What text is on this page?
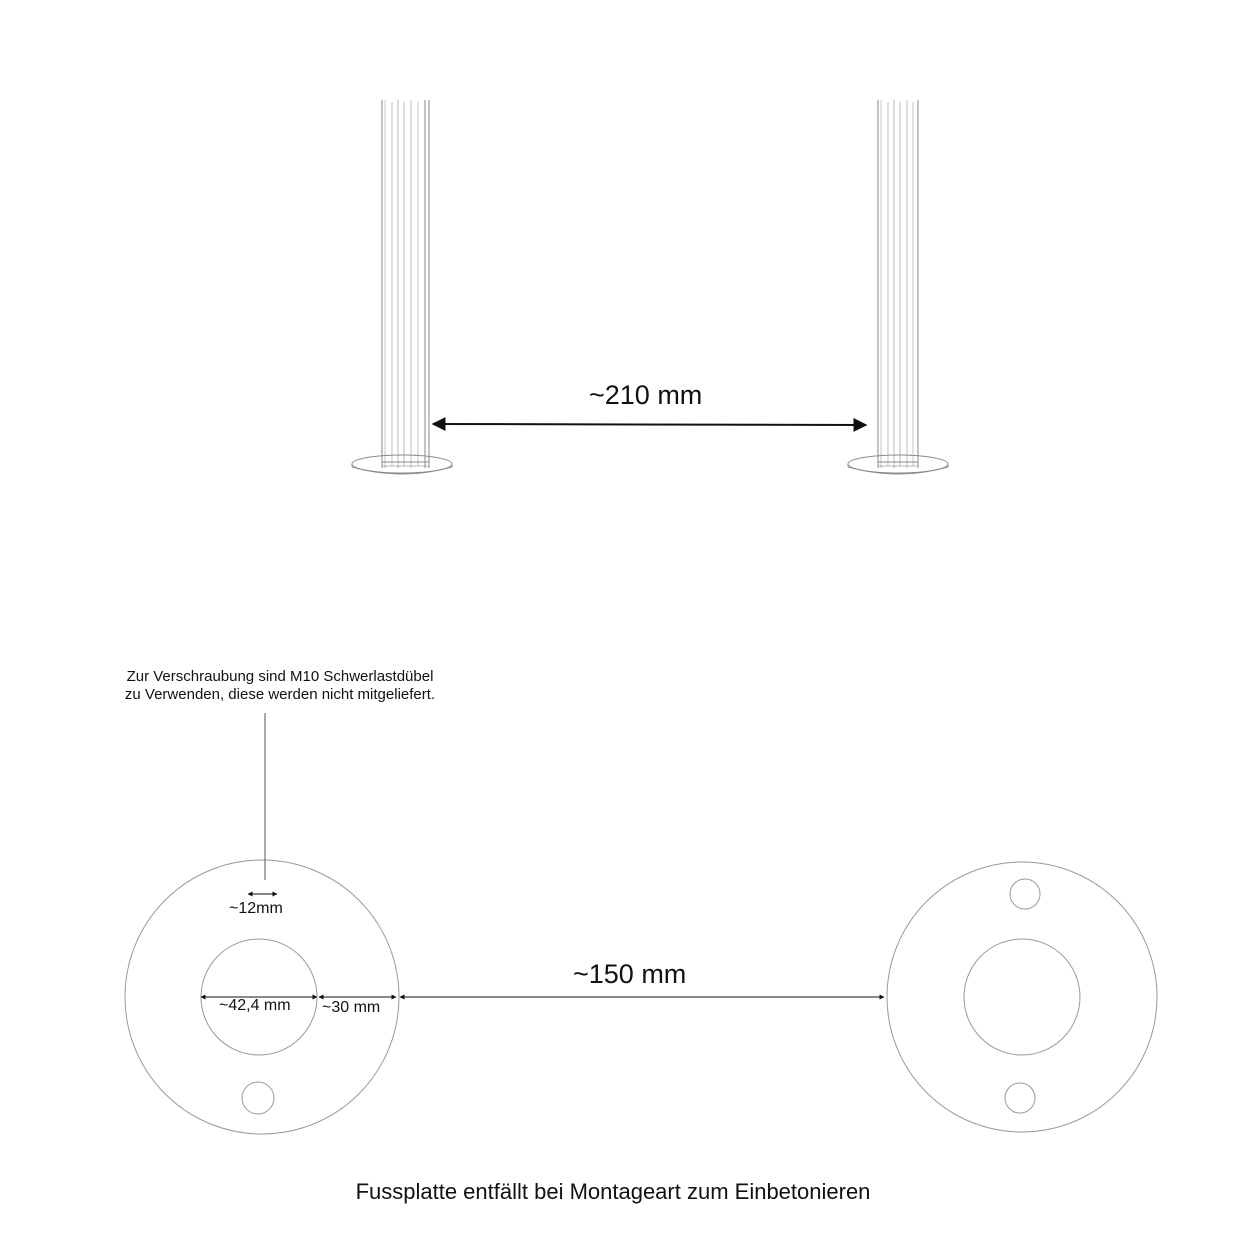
~210 mm
Zur Verschraubung sind M10 Schwerlastdübel
zu Verwenden, diese werden nicht mitgeliefert.
~12mm
~42,4 mm ~30 mm
~150 mm
Fussplatte entfällt bei Montageart zum Einbetonieren
